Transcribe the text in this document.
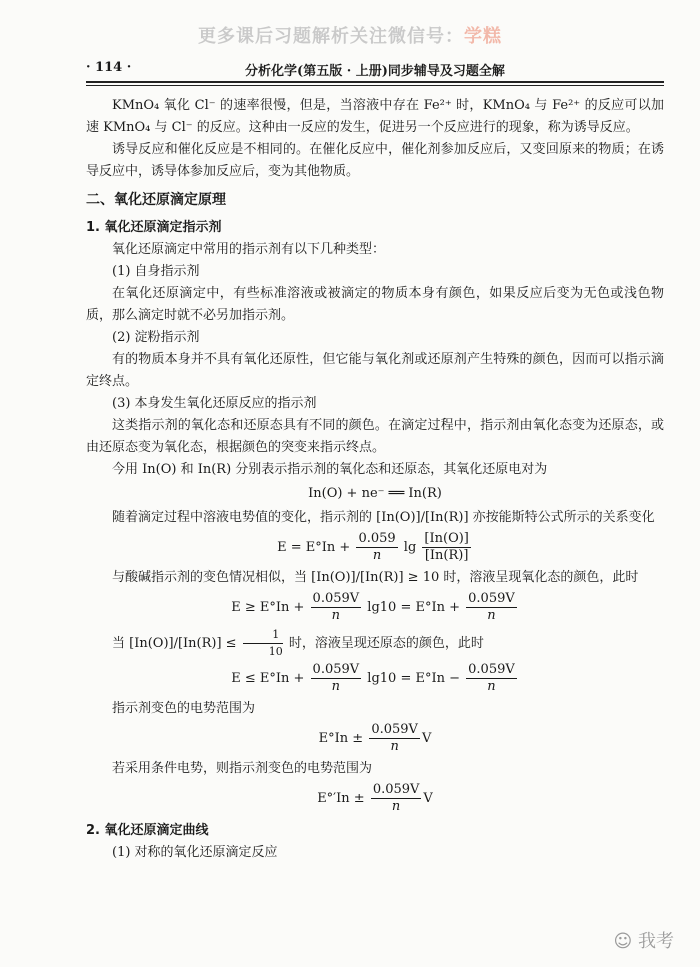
更多课后习题解析关注微信号：学糕
· 114 ·	分析化学(第五版 · 上册)同步辅导及习题全解

KMnO₄ 氧化 Cl⁻ 的速率很慢，但是，当溶液中存在 Fe²⁺ 时，KMnO₄ 与 Fe²⁺ 的反应可以加速 KMnO₄ 与 Cl⁻ 的反应。这种由一反应的发生，促进另一个反应进行的现象，称为诱导反应。

诱导反应和催化反应是不相同的。在催化反应中，催化剂参加反应后，又变回原来的物质；在诱导反应中，诱导体参加反应后，变为其他物质。

二、氧化还原滴定原理

1. 氧化还原滴定指示剂

氧化还原滴定中常用的指示剂有以下几种类型：

(1) 自身指示剂

在氧化还原滴定中，有些标准溶液或被滴定的物质本身有颜色，如果反应后变为无色或浅色物质，那么滴定时就不必另加指示剂。

(2) 淀粉指示剂

有的物质本身并不具有氧化还原性，但它能与氧化剂或还原剂产生特殊的颜色，因而可以指示滴定终点。

(3) 本身发生氧化还原反应的指示剂

这类指示剂的氧化态和还原态具有不同的颜色。在滴定过程中，指示剂由氧化态变为还原态，或由还原态变为氧化态，根据颜色的突变来指示终点。

今用 In(O) 和 In(R) 分别表示指示剂的氧化态和还原态，其氧化还原电对为

In(O) + ne⁻ ══ In(R)

随着滴定过程中溶液电势值的变化，指示剂的 [In(O)]/[In(R)] 亦按能斯特公式所示的关系变化

$E = E^\circ In + \frac{0.059}{n}$ $\lg \frac{[In(O)]}{[In(R)]}$

与酸碱指示剂的变色情况相似，当 [In(O)]/[In(R)] ≥ 10 时，溶液呈现氧化态的颜色，此时

$E \ge E^\circ In + \frac{0.059V}{n} \lg 10 = E^\circ In + \frac{0.059V}{n}$

当 $[In(O)]/[In(R)] \le \frac{1}{10}$ 时，溶液呈现还原态的颜色，此时

$E \le E^\circ In + \frac{0.059V}{n} \lg 10 = E^\circ In - \frac{0.059V}{n}$

指示剂变色的电势范围为

$E^\circ In \pm \frac{0.059V}{n}$ V

若采用条件电势，则指示剂变色的电势范围为

$E^\circ'In \pm \frac{0.059V}{n}$ V

2. 氧化还原滴定曲线

(1) 对称的氧化还原滴定反应

☺ 我考
